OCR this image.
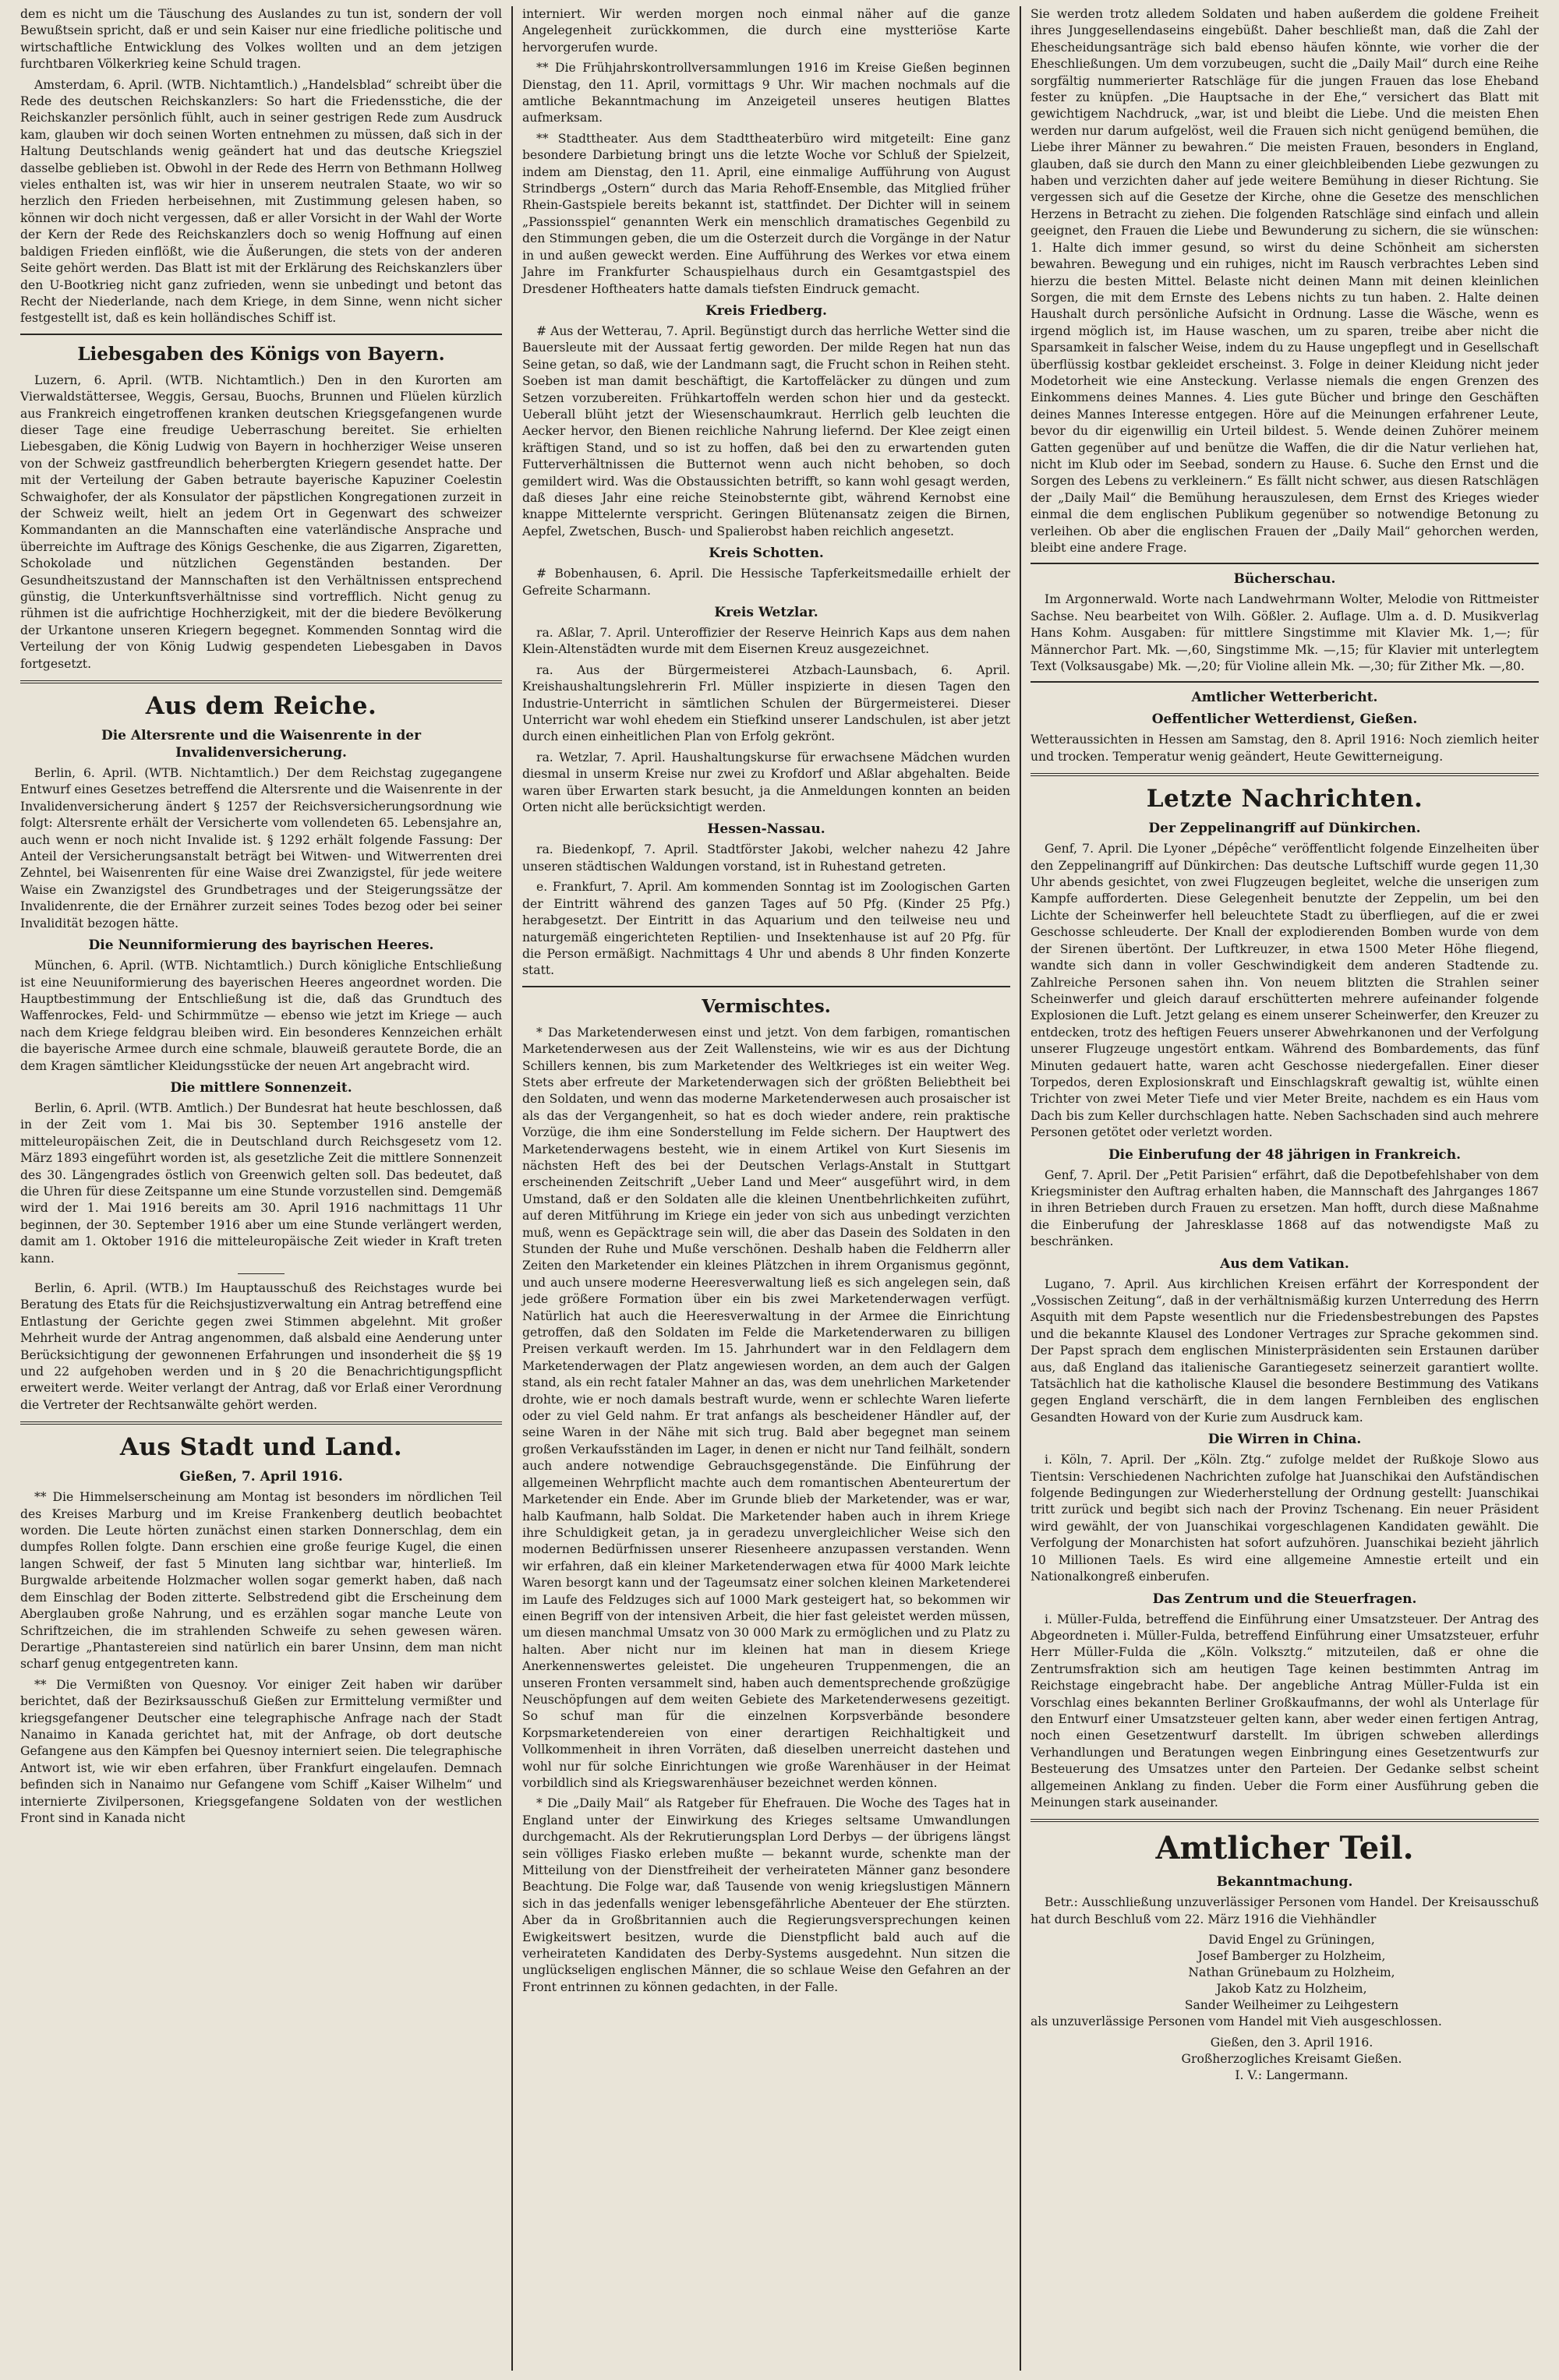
dem es nicht um die Täuschung des Auslandes zu tun ist, sondern der voll Bewußtsein spricht, daß er und sein Kaiser nur eine friedliche politische und wirtschaftliche Entwicklung des Volkes wollten und an dem jetzigen furchtbaren Völkerkrieg keine Schuld tragen.

Amsterdam, 6. April. (WTB. Nichtamtlich.) „Handelsblad“ schreibt über die Rede des deutschen Reichskanzlers: So hart die Friedensstiche, die der Reichskanzler persönlich fühlt, auch in seiner gestrigen Rede zum Ausdruck kam, glauben wir doch seinen Worten entnehmen zu müssen, daß sich in der Haltung Deutschlands wenig geändert hat und das deutsche Kriegsziel dasselbe geblieben ist. Obwohl in der Rede des Herrn von Bethmann Hollweg vieles enthalten ist, was wir hier in unserem neutralen Staate, wo wir so herzlich den Frieden herbeisehnen, mit Zustimmung gelesen haben, so können wir doch nicht vergessen, daß er aller Vorsicht in der Wahl der Worte der Kern der Rede des Reichskanzlers doch so wenig Hoffnung auf einen baldigen Frieden einflößt, wie die Äußerungen, die stets von der anderen Seite gehört werden. Das Blatt ist mit der Erklärung des Reichskanzlers über den U-Bootkrieg nicht ganz zufrieden, wenn sie unbedingt und betont das Recht der Niederlande, nach dem Kriege, in dem Sinne, wenn nicht sicher festgestellt ist, daß es kein holländisches Schiff ist.

Liebesgaben des Königs von Bayern.

Luzern, 6. April. (WTB. Nichtamtlich.) Den in den Kurorten am Vierwaldstättersee, Weggis, Gersau, Buochs, Brunnen und Flüelen kürzlich aus Frankreich eingetroffenen kranken deutschen Kriegsgefangenen wurde dieser Tage eine freudige Ueberraschung bereitet. Sie erhielten Liebesgaben, die König Ludwig von Bayern in hochherziger Weise unseren von der Schweiz gastfreundlich beherbergten Kriegern gesendet hatte. Der mit der Verteilung der Gaben betraute bayerische Kapuziner Coelestin Schwaighofer, der als Konsulator der päpstlichen Kongregationen zurzeit in der Schweiz weilt, hielt an jedem Ort in Gegenwart des schweizer Kommandanten an die Mannschaften eine vaterländische Ansprache und überreichte im Auftrage des Königs Geschenke, die aus Zigarren, Zigaretten, Schokolade und nützlichen Gegenständen bestanden. Der Gesundheitszustand der Mannschaften ist den Verhältnissen entsprechend günstig, die Unterkunftsverhältnisse sind vortrefflich. Nicht genug zu rühmen ist die aufrichtige Hochherzigkeit, mit der die biedere Bevölkerung der Urkantone unseren Kriegern begegnet. Kommenden Sonntag wird die Verteilung der von König Ludwig gespendeten Liebesgaben in Davos fortgesetzt.

Aus dem Reiche.
Die Altersrente und die Waisenrente in der Invalidenversicherung.

Berlin, 6. April. (WTB. Nichtamtlich.) Der dem Reichstag zugegangene Entwurf eines Gesetzes betreffend die Altersrente und die Waisenrente in der Invalidenversicherung ändert § 1257 der Reichsversicherungsordnung wie folgt: Altersrente erhält der Versicherte vom vollendeten 65. Lebensjahre an, auch wenn er noch nicht Invalide ist. § 1292 erhält folgende Fassung: Der Anteil der Versicherungsanstalt beträgt bei Witwen- und Witwerrenten drei Zehntel, bei Waisenrenten für eine Waise drei Zwanzigstel, für jede weitere Waise ein Zwanzigstel des Grundbetrages und der Steigerungssätze der Invalidenrente, die der Ernährer zurzeit seines Todes bezog oder bei seiner Invalidität bezogen hätte.

Die Neunniformierung des bayrischen Heeres.

München, 6. April. (WTB. Nichtamtlich.) Durch königliche Entschließung ist eine Neuuniformierung des bayerischen Heeres angeordnet worden. Die Hauptbestimmung der Entschließung ist die, daß das Grundtuch des Waffenrockes, Feld- und Schirmmütze — ebenso wie jetzt im Kriege — auch nach dem Kriege feldgrau bleiben wird. Ein besonderes Kennzeichen erhält die bayerische Armee durch eine schmale, blauweiß gerautete Borde, die an dem Kragen sämtlicher Kleidungsstücke der neuen Art angebracht wird.

Die mittlere Sonnenzeit.

Berlin, 6. April. (WTB. Amtlich.) Der Bundesrat hat heute beschlossen, daß in der Zeit vom 1. Mai bis 30. September 1916 anstelle der mitteleuropäischen Zeit, die in Deutschland durch Reichsgesetz vom 12. März 1893 eingeführt worden ist, als gesetzliche Zeit die mittlere Sonnenzeit des 30. Längengrades östlich von Greenwich gelten soll. Das bedeutet, daß die Uhren für diese Zeitspanne um eine Stunde vorzustellen sind. Demgemäß wird der 1. Mai 1916 bereits am 30. April 1916 nachmittags 11 Uhr beginnen, der 30. September 1916 aber um eine Stunde verlängert werden, damit am 1. Oktober 1916 die mitteleuropäische Zeit wieder in Kraft treten kann.

Berlin, 6. April. (WTB.) Im Hauptausschuß des Reichstages wurde bei Beratung des Etats für die Reichsjustizverwaltung ein Antrag betreffend eine Entlastung der Gerichte gegen zwei Stimmen abgelehnt. Mit großer Mehrheit wurde der Antrag angenommen, daß alsbald eine Aenderung unter Berücksichtigung der gewonnenen Erfahrungen und insonderheit die §§ 19 und 22 aufgehoben werden und in § 20 die Benachrichtigungspflicht erweitert werde. Weiter verlangt der Antrag, daß vor Erlaß einer Verordnung die Vertreter der Rechtsanwälte gehört werden.

Aus Stadt und Land.
Gießen, 7. April 1916.

** Die Himmelserscheinung am Montag ist besonders im nördlichen Teil des Kreises Marburg und im Kreise Frankenberg deutlich beobachtet worden. Die Leute hörten zunächst einen starken Donnerschlag, dem ein dumpfes Rollen folgte. Dann erschien eine große feurige Kugel, die einen langen Schweif, der fast 5 Minuten lang sichtbar war, hinterließ. Im Burgwalde arbeitende Holzmacher wollen sogar gemerkt haben, daß nach dem Einschlag der Boden zitterte. Selbstredend gibt die Erscheinung dem Aberglauben große Nahrung, und es erzählen sogar manche Leute von Schriftzeichen, die im strahlenden Schweife zu sehen gewesen wären. Derartige „Phantastereien sind natürlich ein barer Unsinn, dem man nicht scharf genug entgegentreten kann.

** Die Vermißten von Quesnoy. Vor einiger Zeit haben wir darüber berichtet, daß der Bezirksausschuß Gießen zur Ermittelung vermißter und kriegsgefangener Deutscher eine telegraphische Anfrage nach der Stadt Nanaimo in Kanada gerichtet hat, mit der Anfrage, ob dort deutsche Gefangene aus den Kämpfen bei Quesnoy interniert seien. Die telegraphische Antwort ist, wie wir eben erfahren, über Frankfurt eingelaufen. Demnach befinden sich in Nanaimo nur Gefangene vom Schiff „Kaiser Wilhelm“ und internierte Zivilpersonen, Kriegsgefangene Soldaten von der westlichen Front sind in Kanada nicht

interniert. Wir werden morgen noch einmal näher auf die ganze Angelegenheit zurückkommen, die durch eine mystteriöse Karte hervorgerufen wurde.

** Die Frühjahrskontrollversammlungen 1916 im Kreise Gießen beginnen Dienstag, den 11. April, vormittags 9 Uhr. Wir machen nochmals auf die amtliche Bekanntmachung im Anzeigeteil unseres heutigen Blattes aufmerksam.

** Stadttheater. Aus dem Stadttheaterbüro wird mitgeteilt: Eine ganz besondere Darbietung bringt uns die letzte Woche vor Schluß der Spielzeit, indem am Dienstag, den 11. April, eine einmalige Aufführung von August Strindbergs „Ostern“ durch das Maria Rehoff-Ensemble, das Mitglied früher Rhein-Gastspiele bereits bekannt ist, stattfindet. Der Dichter will in seinem „Passionsspiel“ genannten Werk ein menschlich dramatisches Gegenbild zu den Stimmungen geben, die um die Osterzeit durch die Vorgänge in der Natur in und außen geweckt werden. Eine Aufführung des Werkes vor etwa einem Jahre im Frankfurter Schauspielhaus durch ein Gesamtgastspiel des Dresdener Hoftheaters hatte damals tiefsten Eindruck gemacht.

Kreis Friedberg.

# Aus der Wetterau, 7. April. Begünstigt durch das herrliche Wetter sind die Bauersleute mit der Aussaat fertig geworden. Der milde Regen hat nun das Seine getan, so daß, wie der Landmann sagt, die Frucht schon in Reihen steht. Soeben ist man damit beschäftigt, die Kartoffeläcker zu düngen und zum Setzen vorzubereiten. Frühkartoffeln werden schon hier und da gesteckt. Ueberall blüht jetzt der Wiesenschaumkraut. Herrlich gelb leuchten die Aecker hervor, den Bienen reichliche Nahrung liefernd. Der Klee zeigt einen kräftigen Stand, und so ist zu hoffen, daß bei den zu erwartenden guten Futterverhältnissen die Butternot wenn auch nicht behoben, so doch gemildert wird. Was die Obstaussichten betrifft, so kann wohl gesagt werden, daß dieses Jahr eine reiche Steinobsternte gibt, während Kernobst eine knappe Mittelernte verspricht. Geringen Blütenansatz zeigen die Birnen, Aepfel, Zwetschen, Busch- und Spalierobst haben reichlich angesetzt.

Kreis Schotten.

# Bobenhausen, 6. April. Die Hessische Tapferkeitsmedaille erhielt der Gefreite Scharmann.

Kreis Wetzlar.

ra. Aßlar, 7. April. Unteroffizier der Reserve Heinrich Kaps aus dem nahen Klein-Altenstädten wurde mit dem Eisernen Kreuz ausgezeichnet.

ra. Aus der Bürgermeisterei Atzbach-Launsbach, 6. April. Kreishaushaltungslehrerin Frl. Müller inspizierte in diesen Tagen den Industrie-Unterricht in sämtlichen Schulen der Bürgermeisterei. Dieser Unterricht war wohl ehedem ein Stiefkind unserer Landschulen, ist aber jetzt durch einen einheitlichen Plan von Erfolg gekrönt.

ra. Wetzlar, 7. April. Haushaltungskurse für erwachsene Mädchen wurden diesmal in unserm Kreise nur zwei zu Krofdorf und Aßlar abgehalten. Beide waren über Erwarten stark besucht, ja die Anmeldungen konnten an beiden Orten nicht alle berücksichtigt werden.

Hessen-Nassau.

ra. Biedenkopf, 7. April. Stadtförster Jakobi, welcher nahezu 42 Jahre unseren städtischen Waldungen vorstand, ist in Ruhestand getreten.

e. Frankfurt, 7. April. Am kommenden Sonntag ist im Zoologischen Garten der Eintritt während des ganzen Tages auf 50 Pfg. (Kinder 25 Pfg.) herabgesetzt. Der Eintritt in das Aquarium und den teilweise neu und naturgemäß eingerichteten Reptilien- und Insektenhause ist auf 20 Pfg. für die Person ermäßigt. Nachmittags 4 Uhr und abends 8 Uhr finden Konzerte statt.

Vermischtes.

* Das Marketenderwesen einst und jetzt. Von dem farbigen, romantischen Marketenderwesen aus der Zeit Wallensteins, wie wir es aus der Dichtung Schillers kennen, bis zum Marketender des Weltkrieges ist ein weiter Weg. Stets aber erfreute der Marketenderwagen sich der größten Beliebtheit bei den Soldaten, und wenn das moderne Marketenderwesen auch prosaischer ist als das der Vergangenheit, so hat es doch wieder andere, rein praktische Vorzüge, die ihm eine Sonderstellung im Felde sichern. Der Hauptwert des Marketenderwagens besteht, wie in einem Artikel von Kurt Siesenis im nächsten Heft des bei der Deutschen Verlags-Anstalt in Stuttgart erscheinenden Zeitschrift „Ueber Land und Meer“ ausgeführt wird, in dem Umstand, daß er den Soldaten alle die kleinen Unentbehrlichkeiten zuführt, auf deren Mitführung im Kriege ein jeder von sich aus unbedingt verzichten muß, wenn es Gepäcktrage sein will, die aber das Dasein des Soldaten in den Stunden der Ruhe und Muße verschönen. Deshalb haben die Feldherrn aller Zeiten den Marketender ein kleines Plätzchen in ihrem Organismus gegönnt, und auch unsere moderne Heeresverwaltung ließ es sich angelegen sein, daß jede größere Formation über ein bis zwei Marketenderwagen verfügt. Natürlich hat auch die Heeresverwaltung in der Armee die Einrichtung getroffen, daß den Soldaten im Felde die Marketenderwaren zu billigen Preisen verkauft werden. Im 15. Jahrhundert war in den Feldlagern dem Marketenderwagen der Platz angewiesen worden, an dem auch der Galgen stand, als ein recht fataler Mahner an das, was dem unehrlichen Marketender drohte, wie er noch damals bestraft wurde, wenn er schlechte Waren lieferte oder zu viel Geld nahm. Er trat anfangs als bescheidener Händler auf, der seine Waren in der Nähe mit sich trug. Bald aber begegnet man seinem großen Verkaufsständen im Lager, in denen er nicht nur Tand feilhält, sondern auch andere notwendige Gebrauchsgegenstände. Die Einführung der allgemeinen Wehrpflicht machte auch dem romantischen Abenteurertum der Marketender ein Ende. Aber im Grunde blieb der Marketender, was er war, halb Kaufmann, halb Soldat. Die Marketender haben auch in ihrem Kriege ihre Schuldigkeit getan, ja in geradezu unvergleichlicher Weise sich den modernen Bedürfnissen unserer Riesenheere anzupassen verstanden. Wenn wir erfahren, daß ein kleiner Marketenderwagen etwa für 4000 Mark leichte Waren besorgt kann und der Tageumsatz einer solchen kleinen Marketenderei im Laufe des Feldzuges sich auf 1000 Mark gesteigert hat, so bekommen wir einen Begriff von der intensiven Arbeit, die hier fast geleistet werden müssen, um diesen manchmal Umsatz von 30 000 Mark zu ermöglichen und zu Platz zu halten. Aber nicht nur im kleinen hat man in diesem Kriege Anerkennenswertes geleistet. Die ungeheuren Truppenmengen, die an unseren Fronten versammelt sind, haben auch dementsprechende großzügige Neuschöpfungen auf dem weiten Gebiete des Marketenderwesens gezeitigt. So schuf man für die einzelnen Korpsverbände besondere Korpsmarketendereien von einer derartigen Reichhaltigkeit und Vollkommenheit in ihren Vorräten, daß dieselben unerreicht dastehen und wohl nur für solche Einrichtungen wie große Warenhäuser in der Heimat vorbildlich sind als Kriegswarenhäuser bezeichnet werden können.

* Die „Daily Mail“ als Ratgeber für Ehefrauen. Die Woche des Tages hat in England unter der Einwirkung des Krieges seltsame Umwandlungen durchgemacht. Als der Rekrutierungsplan Lord Derbys — der übrigens längst sein völliges Fiasko erleben mußte — bekannt wurde, schenkte man der Mitteilung von der Dienstfreiheit der verheirateten Männer ganz besondere Beachtung. Die Folge war, daß Tausende von wenig kriegslustigen Männern sich in das jedenfalls weniger lebensgefährliche Abenteuer der Ehe stürzten. Aber da in Großbritannien auch die Regierungsversprechungen keinen Ewigkeitswert besitzen, wurde die Dienstpflicht bald auch auf die verheirateten Kandidaten des Derby-Systems ausgedehnt. Nun sitzen die unglückseligen englischen Männer, die so schlaue Weise den Gefahren an der Front entrinnen zu können gedachten, in der Falle.

Sie werden trotz alledem Soldaten und haben außerdem die goldene Freiheit ihres Junggesellendaseins eingebüßt. Daher beschließt man, daß die Zahl der Ehescheidungsanträge sich bald ebenso häufen könnte, wie vorher die der Eheschließungen. Um dem vorzubeugen, sucht die „Daily Mail“ durch eine Reihe sorgfältig nummerierter Ratschläge für die jungen Frauen das lose Eheband fester zu knüpfen. „Die Hauptsache in der Ehe,“ versichert das Blatt mit gewichtigem Nachdruck, „war, ist und bleibt die Liebe. Und die meisten Ehen werden nur darum aufgelöst, weil die Frauen sich nicht genügend bemühen, die Liebe ihrer Männer zu bewahren.“ Die meisten Frauen, besonders in England, glauben, daß sie durch den Mann zu einer gleichbleibenden Liebe gezwungen zu haben und verzichten daher auf jede weitere Bemühung in dieser Richtung. Sie vergessen sich auf die Gesetze der Kirche, ohne die Gesetze des menschlichen Herzens in Betracht zu ziehen. Die folgenden Ratschläge sind einfach und allein geeignet, den Frauen die Liebe und Bewunderung zu sichern, die sie wünschen: 1. Halte dich immer gesund, so wirst du deine Schönheit am sichersten bewahren. Bewegung und ein ruhiges, nicht im Rausch verbrachtes Leben sind hierzu die besten Mittel. Belaste nicht deinen Mann mit deinen kleinlichen Sorgen, die mit dem Ernste des Lebens nichts zu tun haben. 2. Halte deinen Haushalt durch persönliche Aufsicht in Ordnung. Lasse die Wäsche, wenn es irgend möglich ist, im Hause waschen, um zu sparen, treibe aber nicht die Sparsamkeit in falscher Weise, indem du zu Hause ungepflegt und in Gesellschaft überflüssig kostbar gekleidet erscheinst. 3. Folge in deiner Kleidung nicht jeder Modetorheit wie eine Ansteckung. Verlasse niemals die engen Grenzen des Einkommens deines Mannes. 4. Lies gute Bücher und bringe den Geschäften deines Mannes Interesse entgegen. Höre auf die Meinungen erfahrener Leute, bevor du dir eigenwillig ein Urteil bildest. 5. Wende deinen Zuhörer meinem Gatten gegenüber auf und benütze die Waffen, die dir die Natur verliehen hat, nicht im Klub oder im Seebad, sondern zu Hause. 6. Suche den Ernst und die Sorgen des Lebens zu verkleinern.“ Es fällt nicht schwer, aus diesen Ratschlägen der „Daily Mail“ die Bemühung herauszulesen, dem Ernst des Krieges wieder einmal die dem englischen Publikum gegenüber so notwendige Betonung zu verleihen. Ob aber die englischen Frauen der „Daily Mail“ gehorchen werden, bleibt eine andere Frage.

Bücherschau.

Im Argonnerwald. Worte nach Landwehrmann Wolter, Melodie von Rittmeister Sachse. Neu bearbeitet von Wilh. Gößler. 2. Auflage. Ulm a. d. D. Musikverlag Hans Kohm. Ausgaben: für mittlere Singstimme mit Klavier Mk. 1,—; für Männerchor Part. Mk. —,60, Singstimme Mk. —,15; für Klavier mit unterlegtem Text (Volksausgabe) Mk. —,20; für Violine allein Mk. —,30; für Zither Mk. —,80.

Amtlicher Wetterbericht.
Oeffentlicher Wetterdienst, Gießen.

Wetteraussichten in Hessen am Samstag, den 8. April 1916: Noch ziemlich heiter und trocken. Temperatur wenig geändert, Heute Gewitterneigung.

Letzte Nachrichten.
Der Zeppelinangriff auf Dünkirchen.

Genf, 7. April. Die Lyoner „Dépêche“ veröffentlicht folgende Einzelheiten über den Zeppelinangriff auf Dünkirchen: Das deutsche Luftschiff wurde gegen 11,30 Uhr abends gesichtet, von zwei Flugzeugen begleitet, welche die unserigen zum Kampfe aufforderten. Diese Gelegenheit benutzte der Zeppelin, um bei den Lichte der Scheinwerfer hell beleuchtete Stadt zu überfliegen, auf die er zwei Geschosse schleuderte. Der Knall der explodierenden Bomben wurde von dem der Sirenen übertönt. Der Luftkreuzer, in etwa 1500 Meter Höhe fliegend, wandte sich dann in voller Geschwindigkeit dem anderen Stadtende zu. Zahlreiche Personen sahen ihn. Von neuem blitzten die Strahlen seiner Scheinwerfer und gleich darauf erschütterten mehrere aufeinander folgende Explosionen die Luft. Jetzt gelang es einem unserer Scheinwerfer, den Kreuzer zu entdecken, trotz des heftigen Feuers unserer Abwehrkanonen und der Verfolgung unserer Flugzeuge ungestört entkam. Während des Bombardements, das fünf Minuten gedauert hatte, waren acht Geschosse niedergefallen. Einer dieser Torpedos, deren Explosionskraft und Einschlagskraft gewaltig ist, wühlte einen Trichter von zwei Meter Tiefe und vier Meter Breite, nachdem es ein Haus vom Dach bis zum Keller durchschlagen hatte. Neben Sachschaden sind auch mehrere Personen getötet oder verletzt worden.

Die Einberufung der 48 jährigen in Frankreich.

Genf, 7. April. Der „Petit Parisien“ erfährt, daß die Depotbefehlshaber von dem Kriegsminister den Auftrag erhalten haben, die Mannschaft des Jahrganges 1867 in ihren Betrieben durch Frauen zu ersetzen. Man hofft, durch diese Maßnahme die Einberufung der Jahresklasse 1868 auf das notwendigste Maß zu beschränken.

Aus dem Vatikan.

Lugano, 7. April. Aus kirchlichen Kreisen erfährt der Korrespondent der „Vossischen Zeitung“, daß in der verhältnismäßig kurzen Unterredung des Herrn Asquith mit dem Papste wesentlich nur die Friedensbestrebungen des Papstes und die bekannte Klausel des Londoner Vertrages zur Sprache gekommen sind. Der Papst sprach dem englischen Ministerpräsidenten sein Erstaunen darüber aus, daß England das italienische Garantiegesetz seinerzeit garantiert wollte. Tatsächlich hat die katholische Klausel die besondere Bestimmung des Vatikans gegen England verschärft, die in dem langen Fernbleiben des englischen Gesandten Howard von der Kurie zum Ausdruck kam.

Die Wirren in China.

i. Köln, 7. April. Der „Köln. Ztg.“ zufolge meldet der Rußkoje Slowo aus Tientsin: Verschiedenen Nachrichten zufolge hat Juanschikai den Aufständischen folgende Bedingungen zur Wiederherstellung der Ordnung gestellt: Juanschikai tritt zurück und begibt sich nach der Provinz Tschenang. Ein neuer Präsident wird gewählt, der von Juanschikai vorgeschlagenen Kandidaten gewählt. Die Verfolgung der Monarchisten hat sofort aufzuhören. Juanschikai bezieht jährlich 10 Millionen Taels. Es wird eine allgemeine Amnestie erteilt und ein Nationalkongreß einberufen.

Das Zentrum und die Steuerfragen.

i. Müller-Fulda, betreffend die Einführung einer Umsatzsteuer. Der Antrag des Abgeordneten i. Müller-Fulda, betreffend Einführung einer Umsatzsteuer, erfuhr Herr Müller-Fulda die „Köln. Volksztg.“ mitzuteilen, daß er ohne die Zentrumsfraktion sich am heutigen Tage keinen bestimmten Antrag im Reichstage eingebracht habe. Der angebliche Antrag Müller-Fulda ist ein Vorschlag eines bekannten Berliner Großkaufmanns, der wohl als Unterlage für den Entwurf einer Umsatzsteuer gelten kann, aber weder einen fertigen Antrag, noch einen Gesetzentwurf darstellt. Im übrigen schweben allerdings Verhandlungen und Beratungen wegen Einbringung eines Gesetzentwurfs zur Besteuerung des Umsatzes unter den Parteien. Der Gedanke selbst scheint allgemeinen Anklang zu finden. Ueber die Form einer Ausführung geben die Meinungen stark auseinander.

Amtlicher Teil.
Bekanntmachung.

Betr.: Ausschließung unzuverlässiger Personen vom Handel. Der Kreisausschuß hat durch Beschluß vom 22. März 1916 die Viehhändler

David Engel zu Grüningen,

Josef Bamberger zu Holzheim,

Nathan Grünebaum zu Holzheim,

Jakob Katz zu Holzheim,

Sander Weilheimer zu Leihgestern

als unzuverlässige Personen vom Handel mit Vieh ausgeschlossen.

Gießen, den 3. April 1916.

Großherzogliches Kreisamt Gießen.

I. V.: Langermann.
